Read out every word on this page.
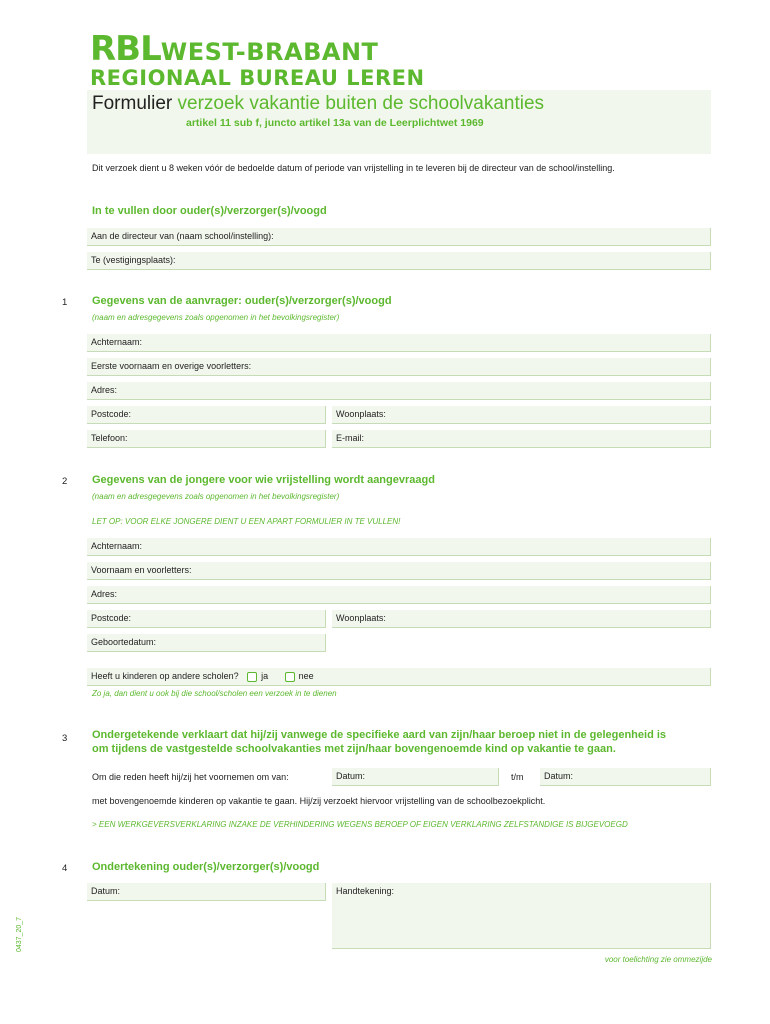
RBLWEST-BRABANT
REGIONAAL BUREAU LEREN
Formulier verzoek vakantie buiten de schoolvakanties
artikel 11 sub f, juncto artikel 13a van de Leerplichtwet 1969
Dit verzoek dient u 8 weken vóór de bedoelde datum of periode van vrijstelling in te leveren bij de directeur van de school/instelling.
In te vullen door ouder(s)/verzorger(s)/voogd
Aan de directeur van (naam school/instelling):
Te (vestigingsplaats):
1 Gegevens van de aanvrager: ouder(s)/verzorger(s)/voogd
(naam en adresgegevens zoals opgenomen in het bevolkingsregister)
Achternaam:
Eerste voornaam en overige voorletters:
Adres:
Postcode:	Woonplaats:
Telefoon:	E-mail:
2 Gegevens van de jongere voor wie vrijstelling wordt aangevraagd
(naam en adresgegevens zoals opgenomen in het bevolkingsregister)
LET OP: VOOR ELKE JONGERE DIENT U EEN APART FORMULIER IN TE VULLEN!
Achternaam:
Voornaam en voorletters:
Adres:
Postcode:	Woonplaats:
Geboortedatum:
Heeft u kinderen op andere scholen?	ja	nee
Zo ja, dan dient u ook bij die school/scholen een verzoek in te dienen
3 Ondergetekende verklaart dat hij/zij vanwege de specifieke aard van zijn/haar beroep niet in de gelegenheid is
om tijdens de vastgestelde schoolvakanties met zijn/haar bovengenoemde kind op vakantie te gaan.
Om die reden heeft hij/zij het voornemen om van:	Datum:	t/m Datum:
met bovengenoemde kinderen op vakantie te gaan. Hij/zij verzoekt hiervoor vrijstelling van de schoolbezoekplicht.
> EEN WERKGEVERSVERKLARING INZAKE DE VERHINDERING WEGENS BEROEP OF EIGEN VERKLARING ZELFSTANDIGE IS BIJGEVOEGD
4 Ondertekening ouder(s)/verzorger(s)/voogd
Datum:	Handtekening:
0437_20_7
voor toelichting zie ommezijde
